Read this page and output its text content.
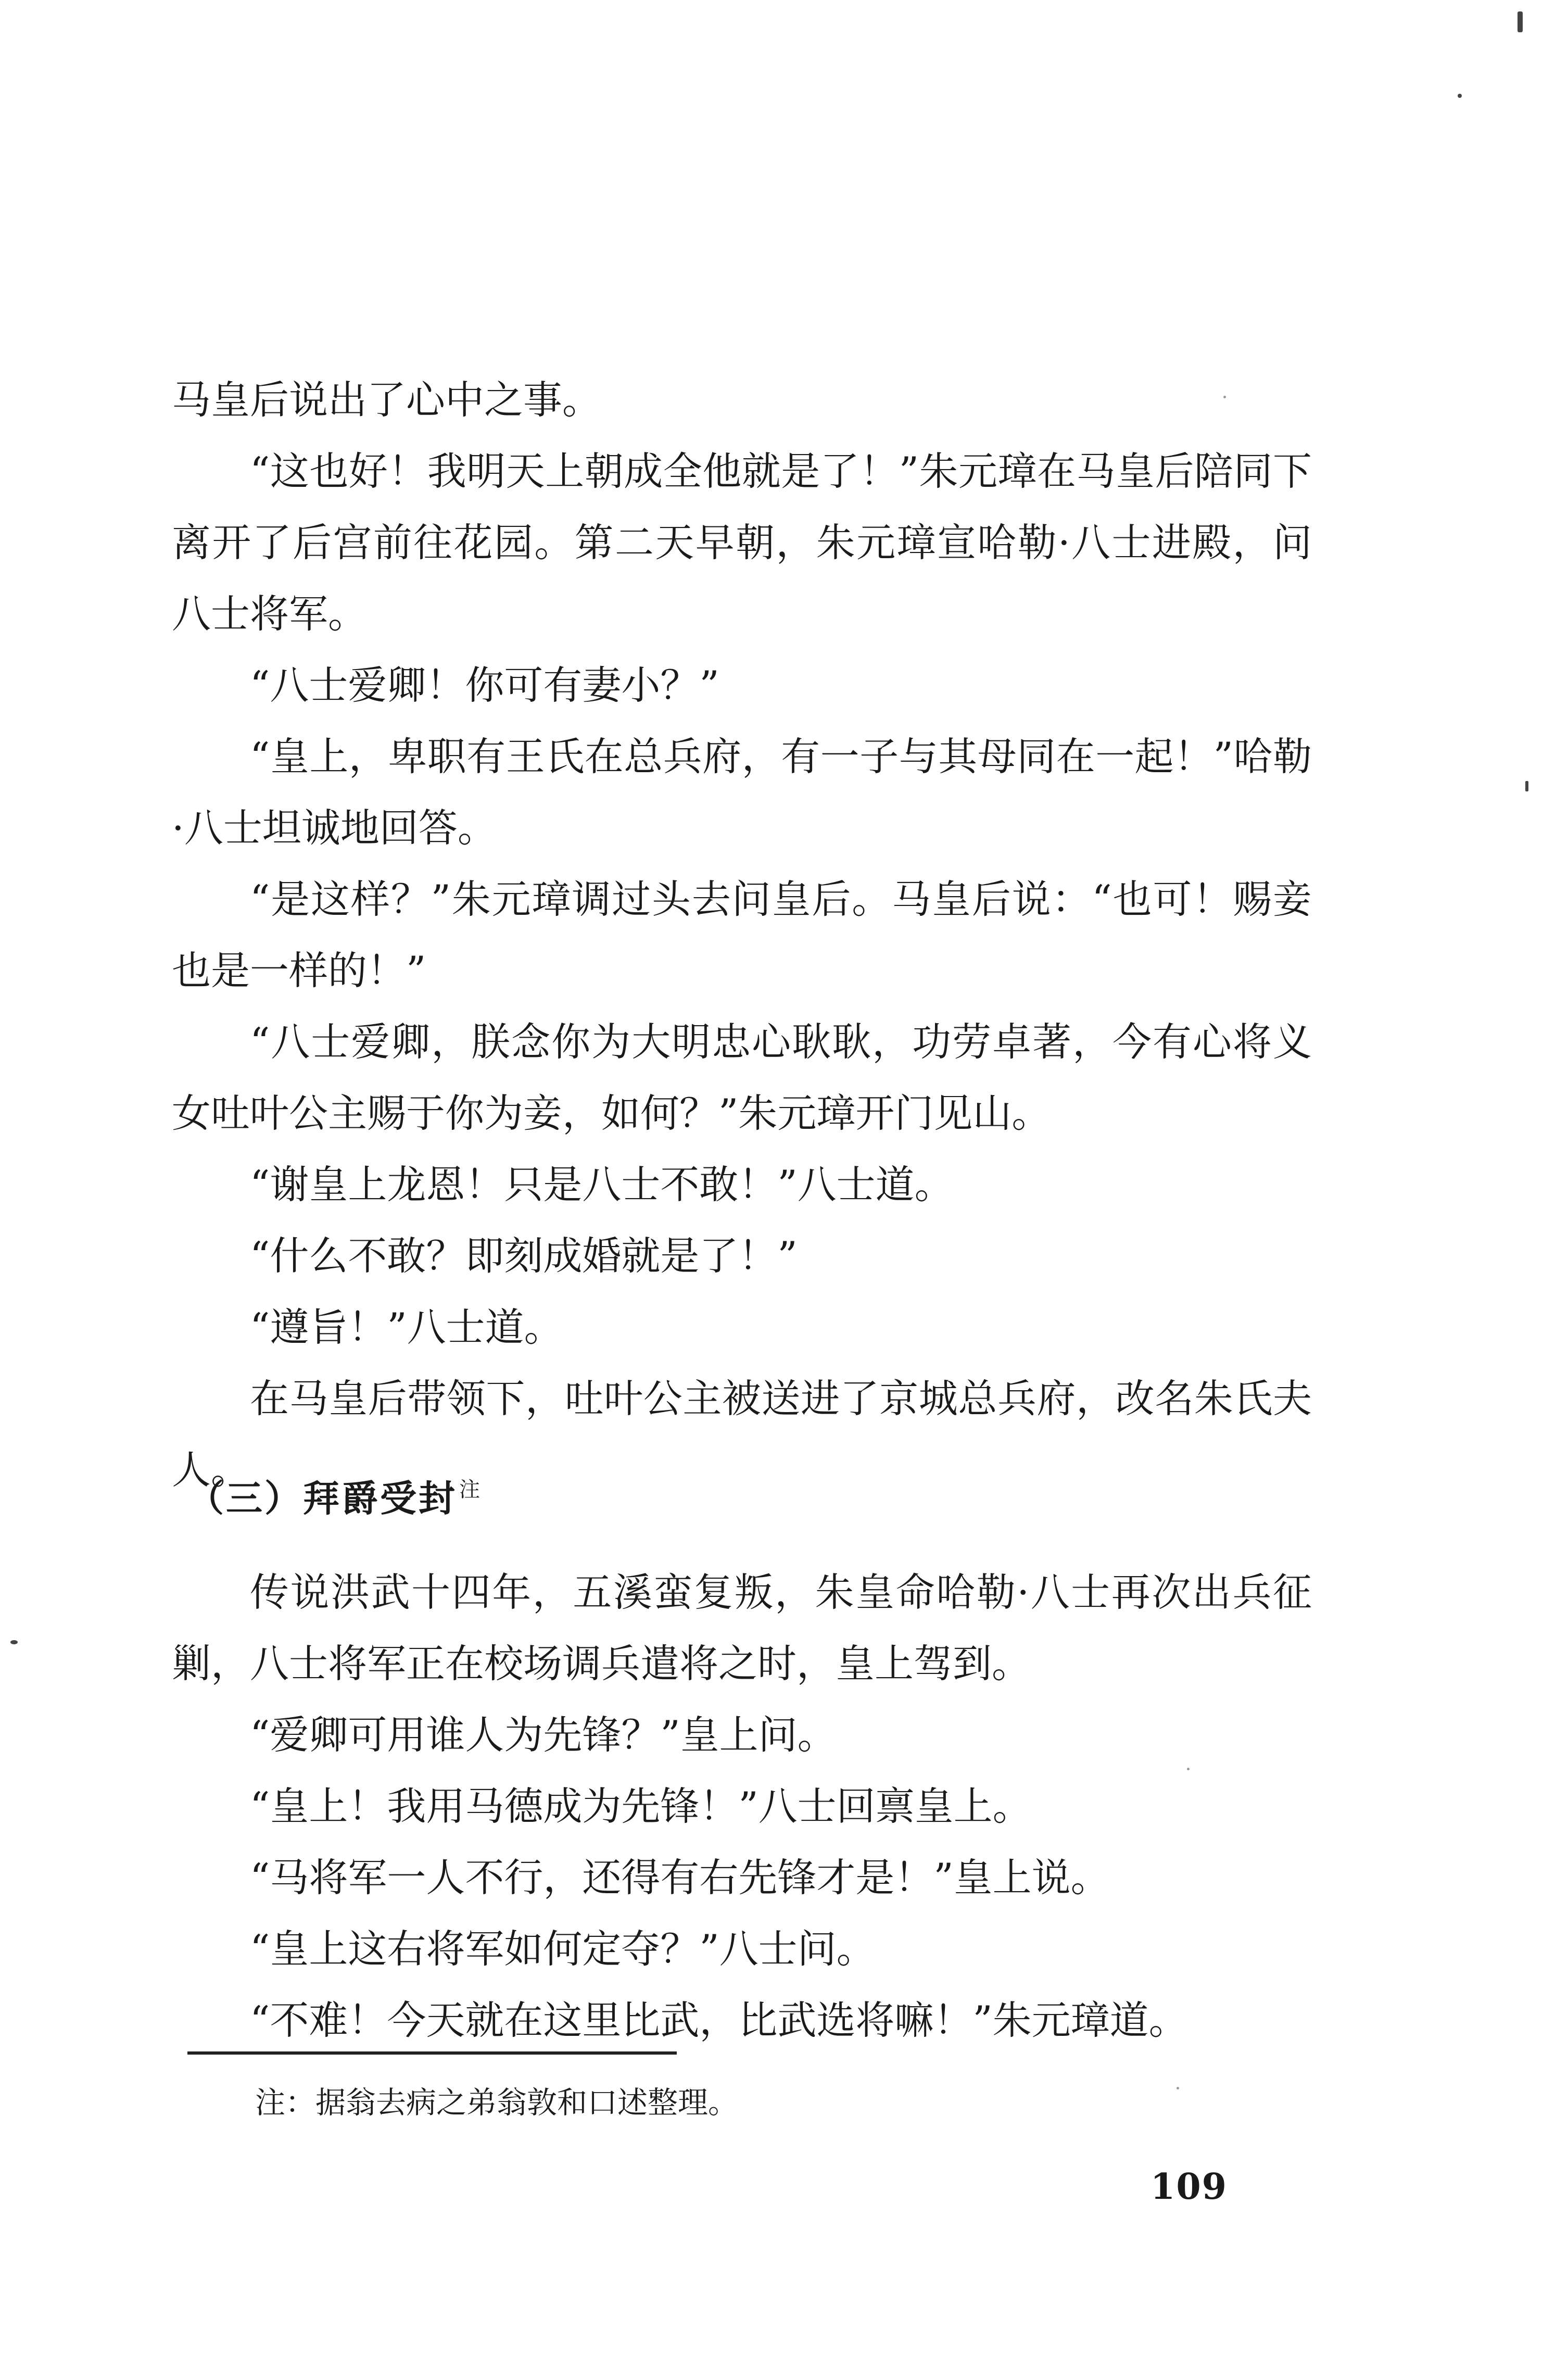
马皇后说出了心中之事。

“这也好！我明天上朝成全他就是了！”朱元璋在马皇后陪同下离开了后宫前往花园。第二天早朝，朱元璋宣哈勒·八士进殿，问八士将军。

“八士爱卿！你可有妻小？”

“皇上，卑职有王氏在总兵府，有一子与其母同在一起！”哈勒·八士坦诚地回答。

“是这样？”朱元璋调过头去问皇后。马皇后说：“也可！赐妾也是一样的！”

“八士爱卿，朕念你为大明忠心耿耿，功劳卓著，今有心将义女吐叶公主赐于你为妾，如何？”朱元璋开门见山。

“谢皇上龙恩！只是八士不敢！”八士道。

“什么不敢？即刻成婚就是了！”

“遵旨！”八士道。

在马皇后带领下，吐叶公主被送进了京城总兵府，改名朱氏夫人。

（三）拜爵受封 $^注$

传说洪武十四年，五溪蛮复叛，朱皇命哈勒·八士再次出兵征剿，八士将军正在校场调兵遣将之时，皇上驾到。

“爱卿可用谁人为先锋？”皇上问。

“皇上！我用马德成为先锋！”八士回禀皇上。

“马将军一人不行，还得有右先锋才是！”皇上说。

“皇上这右将军如何定夺？”八士问。

“不难！今天就在这里比武，比武选将嘛！”朱元璋道。

注：据翁去病之弟翁敦和口述整理。
109
